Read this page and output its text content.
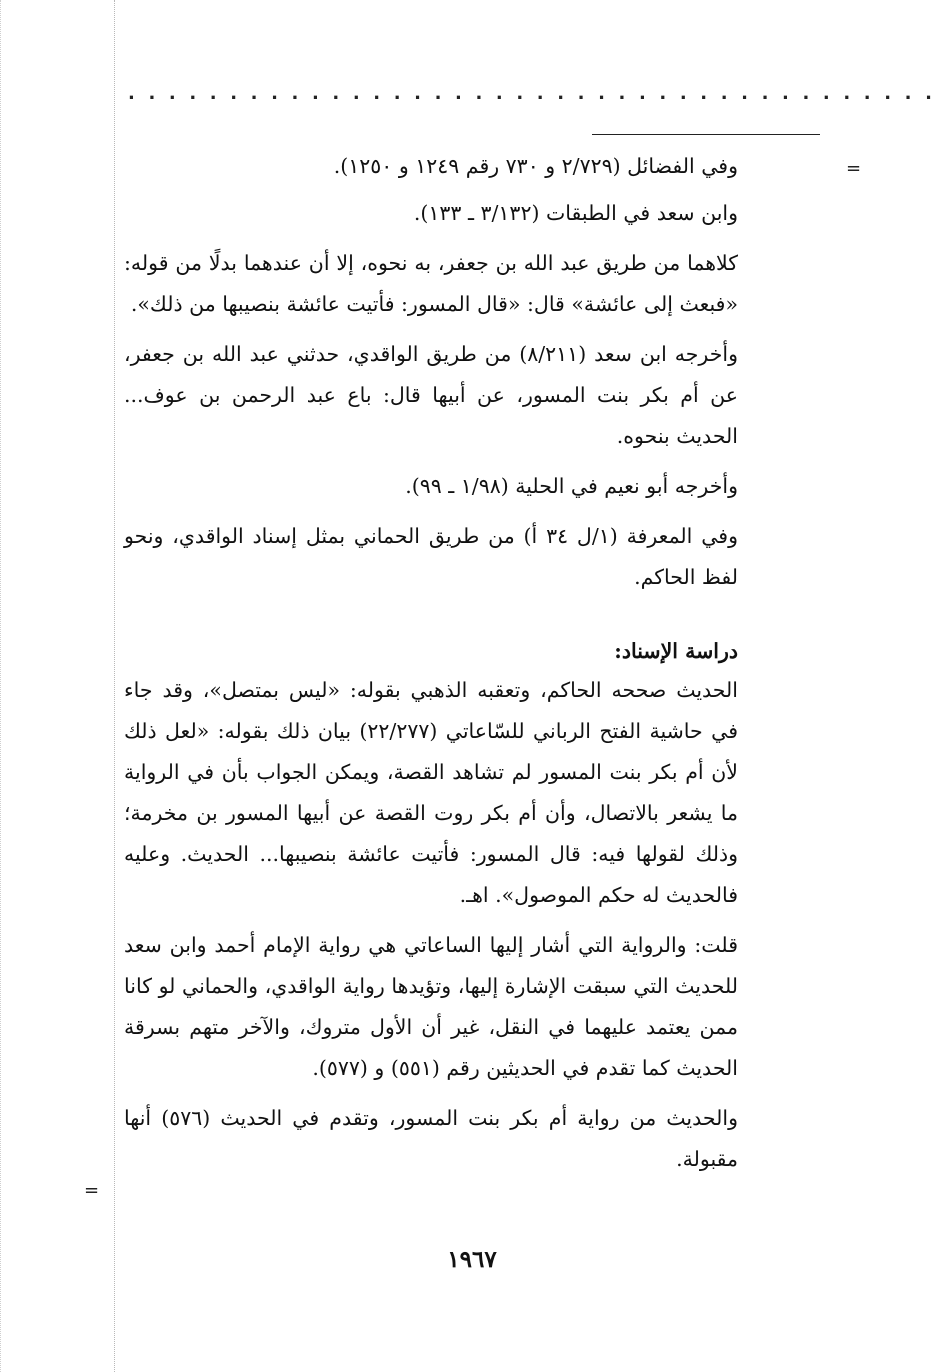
........................................
=
=

وفي الفضائل (٢/٧٢٩ و ٧٣٠ رقم ١٢٤٩ و ١٢٥٠).

وابن سعد في الطبقات (٣/١٣٢ ـ ١٣٣).

كلاهما من طريق عبد الله بن جعفر، به نحوه، إلا أن عندهما بدلًا من قوله: «فبعث إلى عائشة» قال: «قال المسور: فأتيت عائشة بنصيبها من ذلك».

وأخرجه ابن سعد (٨/٢١١) من طريق الواقدي، حدثني عبد الله بن جعفر، عن أم بكر بنت المسور، عن أبيها قال: باع عبد الرحمن بن عوف... الحديث بنحوه.

وأخرجه أبو نعيم في الحلية (١/٩٨ ـ ٩٩).

وفي المعرفة (١/ل ٣٤ أ) من طريق الحماني بمثل إسناد الواقدي، ونحو لفظ الحاكم.

دراسة الإسناد:

الحديث صححه الحاكم، وتعقبه الذهبي بقوله: «ليس بمتصل»، وقد جاء في حاشية الفتح الرباني للسّاعاتي (٢٢/٢٧٧) بيان ذلك بقوله: «لعل ذلك لأن أم بكر بنت المسور لم تشاهد القصة، ويمكن الجواب بأن في الرواية ما يشعر بالاتصال، وأن أم بكر روت القصة عن أبيها المسور بن مخرمة؛ وذلك لقولها فيه: قال المسور: فأتيت عائشة بنصيبها... الحديث. وعليه فالحديث له حكم الموصول». اهـ.

قلت: والرواية التي أشار إليها الساعاتي هي رواية الإمام أحمد وابن سعد للحديث التي سبقت الإشارة إليها، وتؤيدها رواية الواقدي، والحماني لو كانا ممن يعتمد عليهما في النقل، غير أن الأول متروك، والآخر متهم بسرقة الحديث كما تقدم في الحديثين رقم (٥٥١) و (٥٧٧).

والحديث من رواية أم بكر بنت المسور، وتقدم في الحديث (٥٧٦) أنها مقبولة.

١٩٦٧
